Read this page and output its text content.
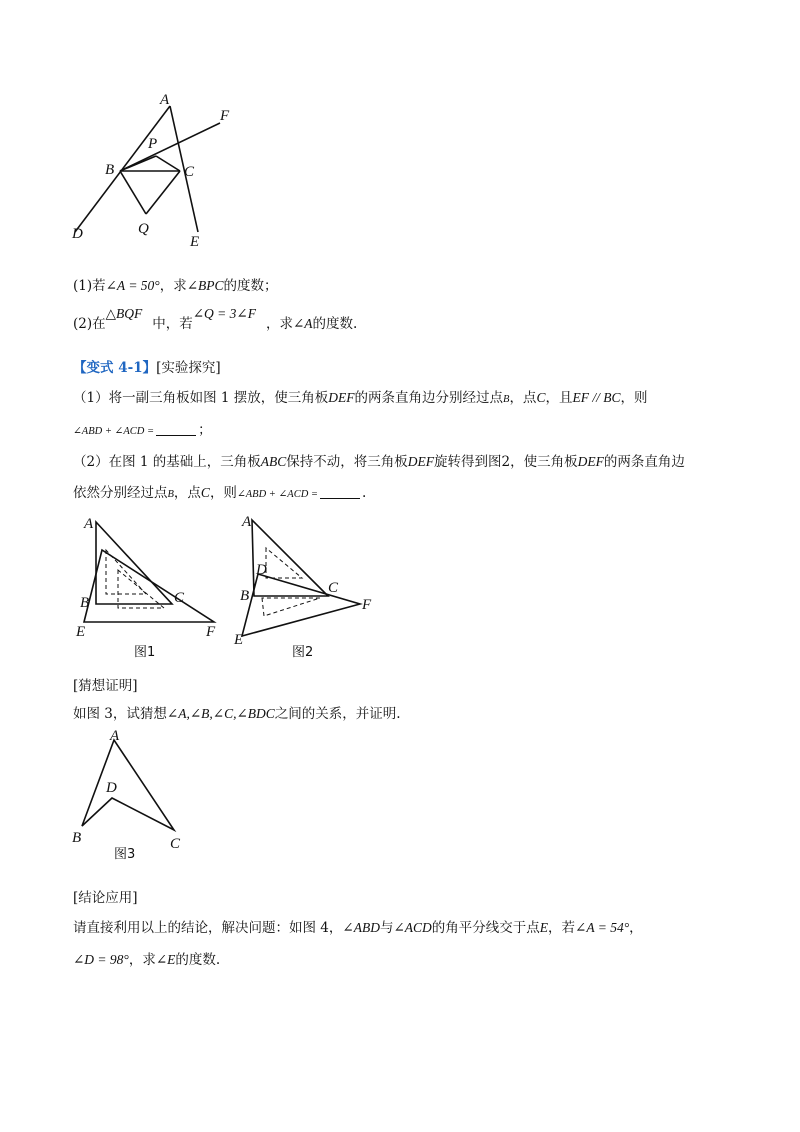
A
F
P
B	C
D	Q
E
(1)若∠A = 50°，求∠BPC的度数；
(2)在△BQF中，若∠Q = 3∠F，求∠A的度数.
【变式 4-1】[实验探究]
（1）将一副三角板如图 1 摆放，使三角板DEF的两条直角边分别经过点B，点C，且EF // BC，则
∠ABD + ∠ACD =	；
（2）在图 1 的基础上，三角板ABC保持不动，将三角板DEF旋转得到图2，使三角板DEF的两条直角边
依然分别经过点B，点C，则∠ABD + ∠ACD =	.
A
B	C
E	F
图1
A
D
B	C
F
E
图2
[猜想证明]
如图 3，试猜想∠A,∠B,∠C,∠BDC之间的关系，并证明.
A
D
B	C
图3
[结论应用]
请直接利用以上的结论，解决问题：如图 4，∠ABD与∠ACD的角平分线交于点E，若∠A = 54°，
∠D = 98°，求∠E的度数.
